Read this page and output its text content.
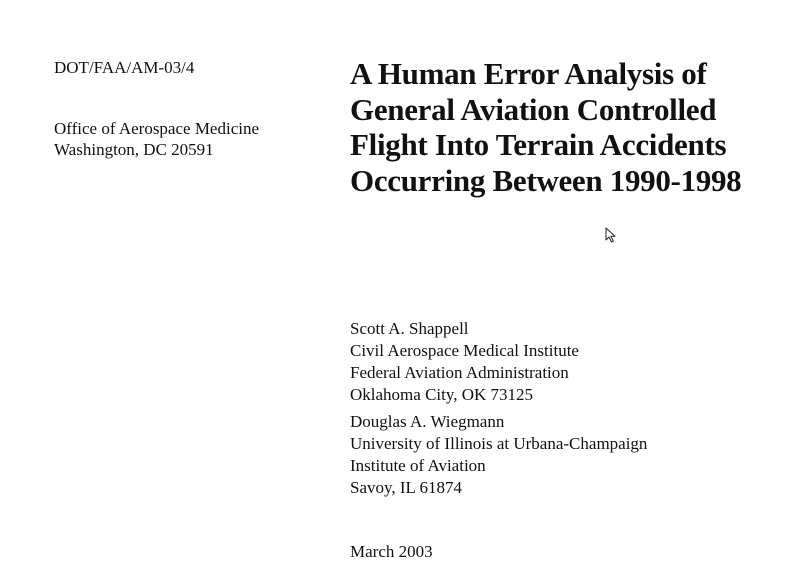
DOT/FAA/AM-03/4
Office of Aerospace Medicine
Washington, DC 20591
A Human Error Analysis of
General Aviation Controlled
Flight Into Terrain Accidents
Occurring Between 1990-1998
Scott A. Shappell
Civil Aerospace Medical Institute
Federal Aviation Administration
Oklahoma City, OK 73125
Douglas A. Wiegmann
University of Illinois at Urbana-Champaign
Institute of Aviation
Savoy, IL 61874
March 2003
